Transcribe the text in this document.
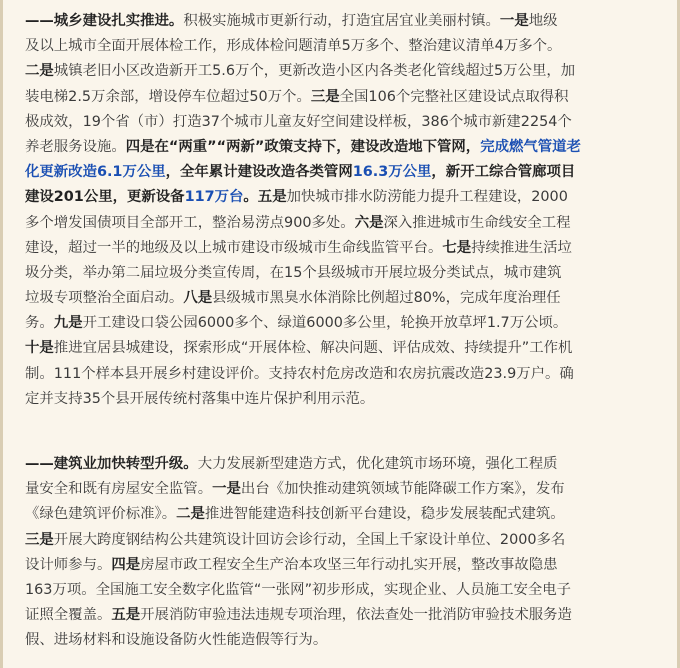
——城乡建设扎实推进。积极实施城市更新行动，打造宜居宜业美丽村镇。一是地级
及以上城市全面开展体检工作，形成体检问题清单5万多个、整治建议清单4万多个。
二是城镇老旧小区改造新开工5.6万个，更新改造小区内各类老化管线超过5万公里，加
装电梯2.5万余部，增设停车位超过50万个。三是全国106个完整社区建设试点取得积
极成效，19个省（市）打造37个城市儿童友好空间建设样板，386个城市新建2254个
养老服务设施。四是在“两重”“两新”政策支持下，建设改造地下管网，完成燃气管道老
化更新改造6.1万公里，全年累计建设改造各类管网16.3万公里，新开工综合管廊项目
建设201公里，更新设备117万台。五是加快城市排水防涝能力提升工程建设，2000
多个增发国债项目全部开工，整治易涝点900多处。六是深入推进城市生命线安全工程
建设，超过一半的地级及以上城市建设市级城市生命线监管平台。七是持续推进生活垃
圾分类，举办第二届垃圾分类宣传周，在15个县级城市开展垃圾分类试点，城市建筑
垃圾专项整治全面启动。八是县级城市黑臭水体消除比例超过80%，完成年度治理任
务。九是开工建设口袋公园6000多个、绿道6000多公里，轮换开放草坪1.7万公顷。
十是推进宜居县城建设，探索形成“开展体检、解决问题、评估成效、持续提升”工作机
制。111个样本县开展乡村建设评价。支持农村危房改造和农房抗震改造23.9万户。确
定并支持35个县开展传统村落集中连片保护利用示范。
——建筑业加快转型升级。大力发展新型建造方式，优化建筑市场环境，强化工程质
量安全和既有房屋安全监管。一是出台《加快推动建筑领域节能降碳工作方案》，发布
《绿色建筑评价标准》。二是推进智能建造科技创新平台建设，稳步发展装配式建筑。
三是开展大跨度钢结构公共建筑设计回访会诊行动，全国上千家设计单位、2000多名
设计师参与。四是房屋市政工程安全生产治本攻坚三年行动扎实开展，整改事故隐患
163万项。全国施工安全数字化监管“一张网”初步形成，实现企业、人员施工安全电子
证照全覆盖。五是开展消防审验违法违规专项治理，依法查处一批消防审验技术服务造
假、进场材料和设施设备防火性能造假等行为。
